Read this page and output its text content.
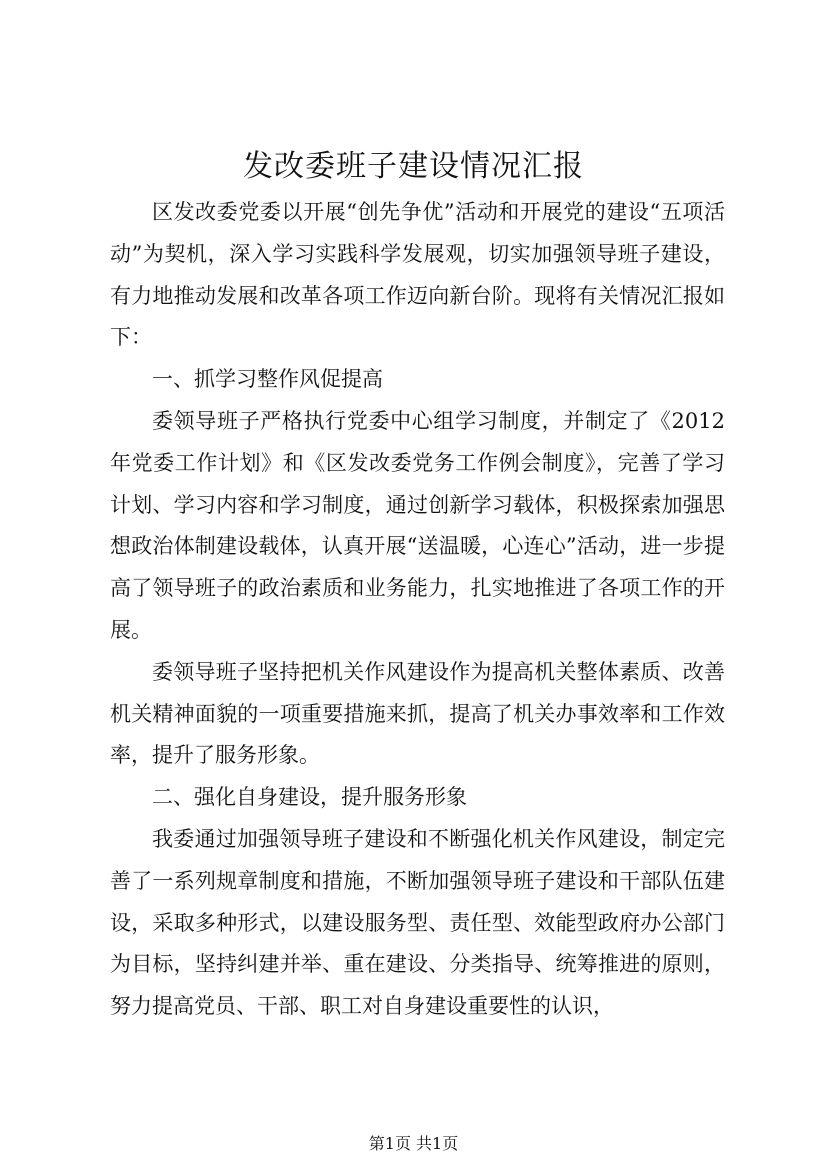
发改委班子建设情况汇报

区发改委党委以开展“创先争优”活动和开展党的建设“五项活动”为契机，深入学习实践科学发展观，切实加强领导班子建设，有力地推动发展和改革各项工作迈向新台阶。现将有关情况汇报如下：

一、抓学习整作风促提高

委领导班子严格执行党委中心组学习制度，并制定了《2012年党委工作计划》和《区发改委党务工作例会制度》，完善了学习计划、学习内容和学习制度，通过创新学习载体，积极探索加强思想政治体制建设载体，认真开展“送温暖，心连心”活动，进一步提高了领导班子的政治素质和业务能力，扎实地推进了各项工作的开展。

委领导班子坚持把机关作风建设作为提高机关整体素质、改善机关精神面貌的一项重要措施来抓，提高了机关办事效率和工作效率，提升了服务形象。

二、强化自身建设，提升服务形象

我委通过加强领导班子建设和不断强化机关作风建设，制定完善了一系列规章制度和措施，不断加强领导班子建设和干部队伍建设，采取多种形式，以建设服务型、责任型、效能型政府办公部门为目标，坚持纠建并举、重在建设、分类指导、统筹推进的原则，努力提高党员、干部、职工对自身建设重要性的认识，

第1页 共1页
